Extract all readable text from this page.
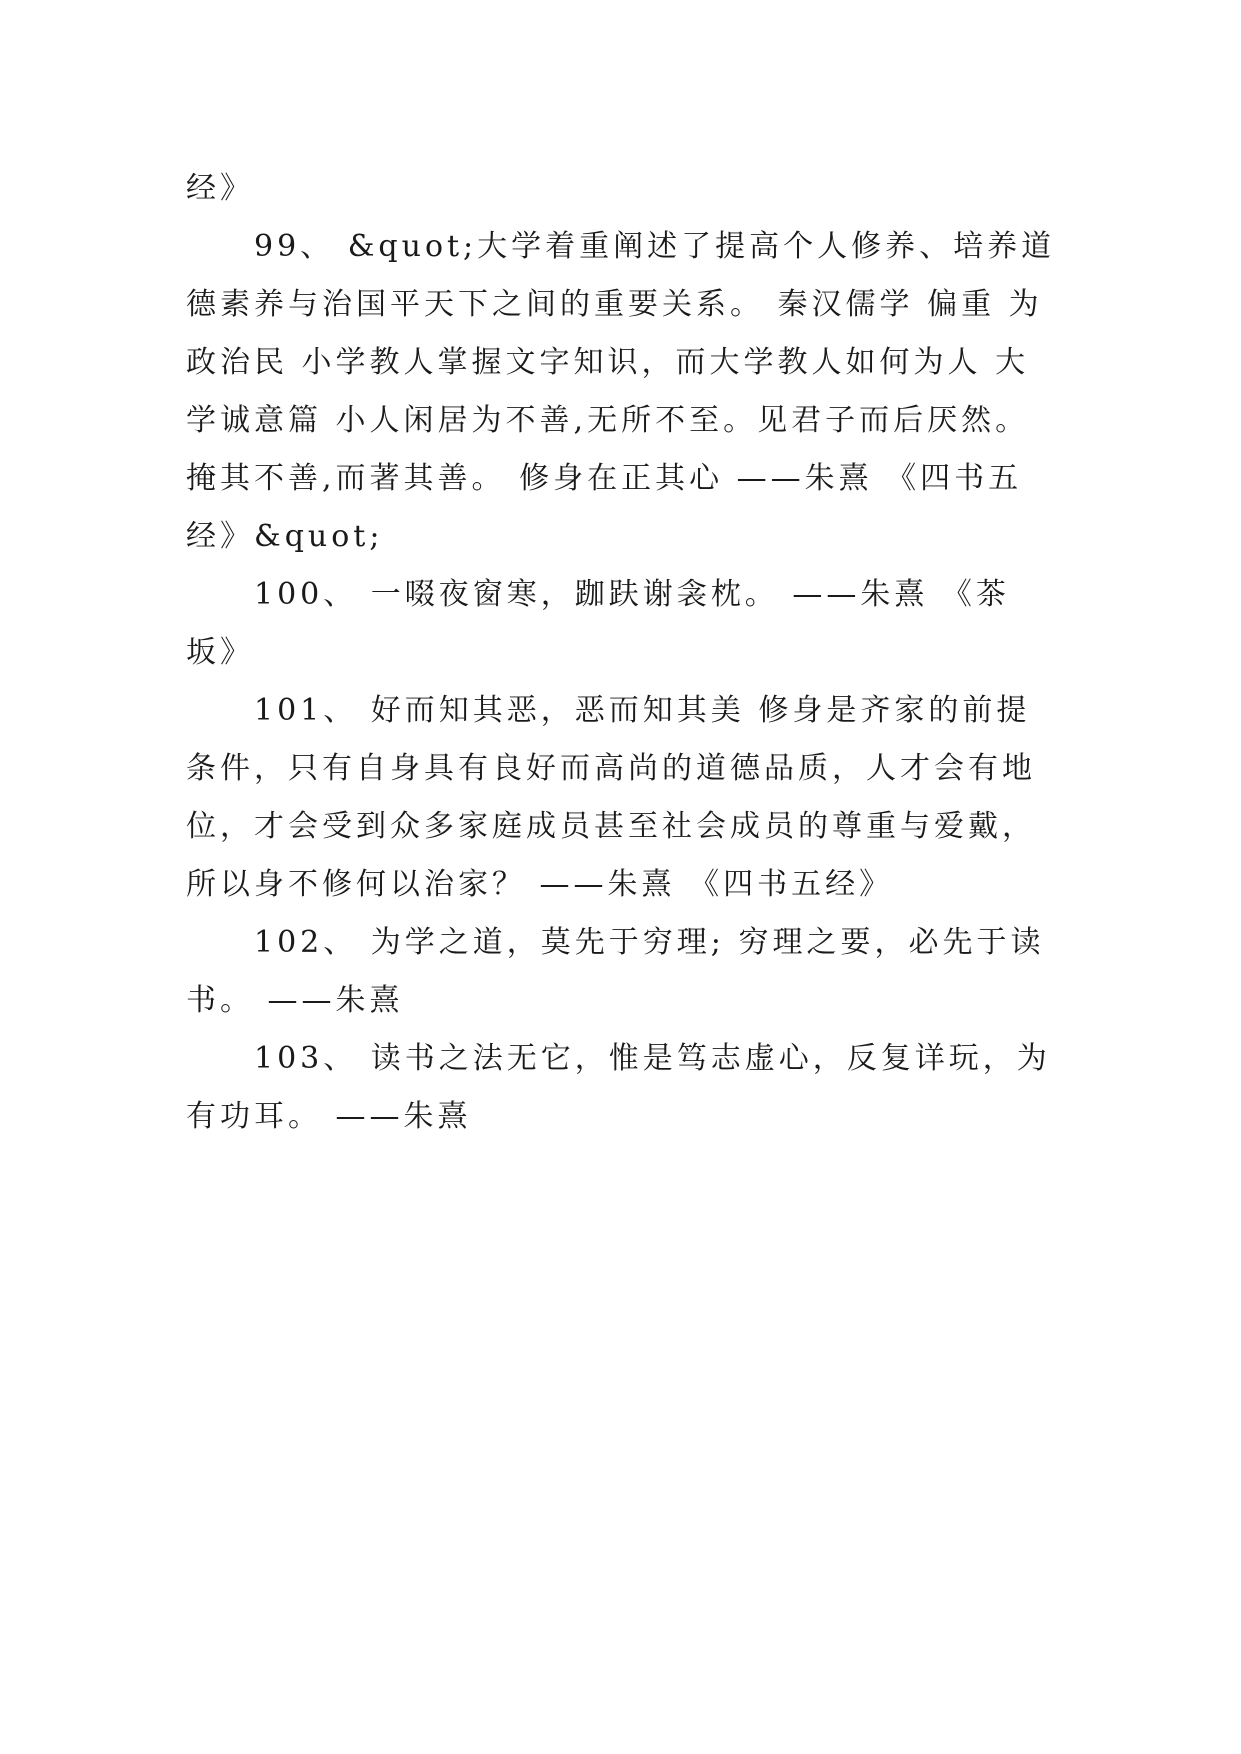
经》

99、 &quot;大学着重阐述了提高个人修养、培养道德素养与治国平天下之间的重要关系。 秦汉儒学 偏重 为政治民 小学教人掌握文字知识，而大学教人如何为人 大学诚意篇 小人闲居为不善,无所不至。见君子而后厌然。掩其不善,而著其善。 修身在正其心 ——朱熹 《四书五经》&quot;

100、 一啜夜窗寒，跏趺谢衾枕。 ——朱熹 《茶坂》

101、 好而知其恶，恶而知其美 修身是齐家的前提条件，只有自身具有良好而高尚的道德品质，人才会有地位，才会受到众多家庭成员甚至社会成员的尊重与爱戴，所以身不修何以治家？ ——朱熹 《四书五经》

102、 为学之道，莫先于穷理; 穷理之要，必先于读书。 ——朱熹

103、 读书之法无它，惟是笃志虚心，反复详玩，为有功耳。 ——朱熹
